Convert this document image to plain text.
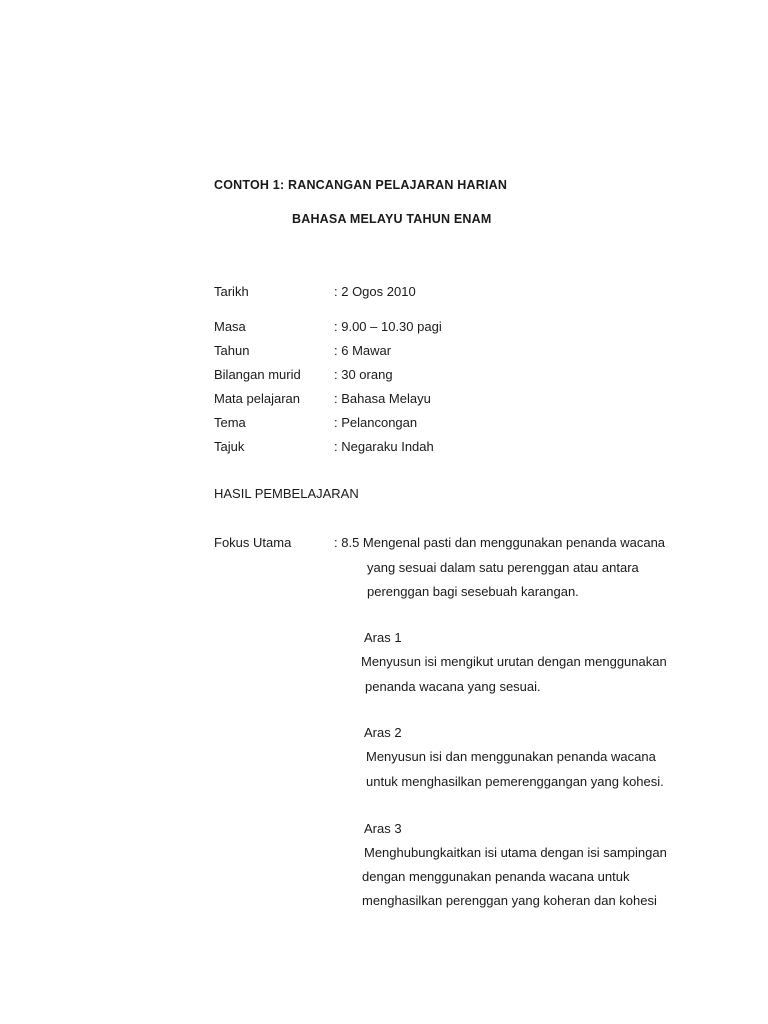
CONTOH 1: RANCANGAN PELAJARAN HARIAN
BAHASA MELAYU TAHUN ENAM
Tarikh	: 2 Ogos 2010
Masa	: 9.00 – 10.30 pagi
Tahun	: 6 Mawar
Bilangan murid	: 30 orang
Mata pelajaran	: Bahasa Melayu
Tema	: Pelancongan
Tajuk	: Negaraku Indah
HASIL PEMBELAJARAN
Fokus Utama	: 8.5 Mengenal pasti dan menggunakan penanda wacana
yang sesuai dalam satu perenggan atau antara
perenggan bagi sesebuah karangan.
Aras 1
Menyusun isi mengikut urutan dengan menggunakan
penanda wacana yang sesuai.
Aras 2
Menyusun isi dan menggunakan penanda wacana
untuk menghasilkan pemerenggangan yang kohesi.
Aras 3
Menghubungkaitkan isi utama dengan isi sampingan
dengan menggunakan penanda wacana untuk
menghasilkan perenggan yang koheran dan kohesi
